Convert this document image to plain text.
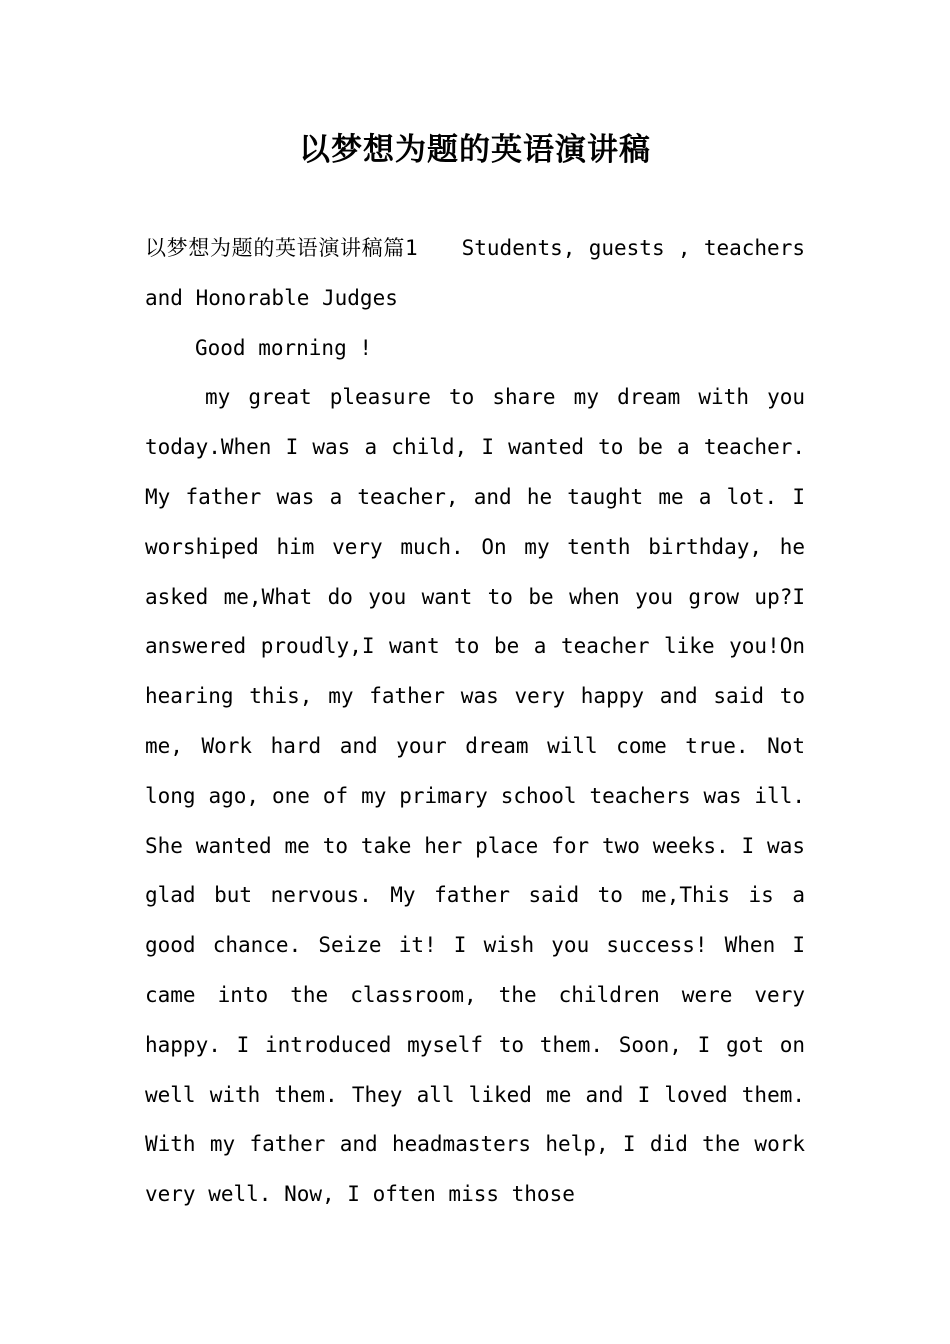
以梦想为题的英语演讲稿

以梦想为题的英语演讲稿篇1　　Students, guests , teachers and Honorable Judges

Good morning !

my great pleasure to share my dream with you today.When I was a child, I wanted to be a teacher. My father was a teacher, and he taught me a lot. I worshiped him very much. On my tenth birthday, he asked me,What do you want to be when you grow up?I answered proudly,I want to be a teacher like you!On hearing this, my father was very happy and said to me, Work hard and your dream will come true. Not long ago, one of my primary school teachers was ill. She wanted me to take her place for two weeks. I was glad but nervous. My father said to me,This is a good chance. Seize it! I wish you success! When I came into the classroom, the children were very happy. I introduced myself to them. Soon, I got on well with them. They all liked me and I loved them. With my father and headmasters help, I did the work very well. Now, I often miss those
